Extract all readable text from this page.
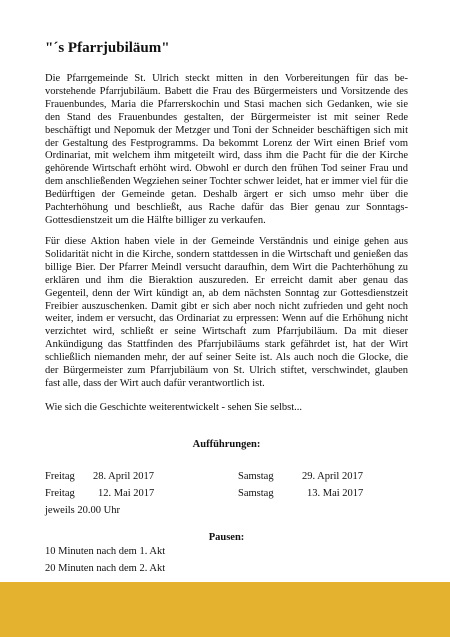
"´s Pfarrjubiläum"

Die Pfarrgemeinde St. Ulrich steckt mitten in den Vorbereitungen für das bevorstehende Pfarrjubiläum. Babett die Frau des Bürgermeisters und Vorsitzende des Frauenbundes, Maria die Pfarrerskochin und Stasi machen sich Gedanken, wie sie den Stand des Frauenbundes gestalten, der Bürgermeister ist mit seiner Rede beschäftigt und Nepomuk der Metzger und Toni der Schneider beschäftigen sich mit der Gestaltung des Festprogramms. Da bekommt Lorenz der Wirt einen Brief vom Ordinariat, mit welchem ihm mitgeteilt wird, dass ihm die Pacht für die der Kirche gehörende Wirtschaft erhöht wird. Obwohl er durch den frühen Tod seiner Frau und dem anschließenden Wegziehen seiner Tochter schwer leidet, hat er immer viel für die Bedürftigen der Gemeinde getan. Deshalb ärgert er sich umso mehr über die Pachterhöhung und beschließt, aus Rache dafür das Bier genau zur Sonntags-Gottesdienstzeit um die Hälfte billiger zu verkaufen.

Für diese Aktion haben viele in der Gemeinde Verständnis und einige gehen aus Solidarität nicht in die Kirche, sondern stattdessen in die Wirtschaft und genießen das billige Bier. Der Pfarrer Meindl versucht daraufhin, dem Wirt die Pachterhöhung zu erklären und ihm die Bieraktion auszureden. Er erreicht damit aber genau das Gegenteil, denn der Wirt kündigt an, ab dem nächsten Sonntag zur Gottesdienstzeit Freibier auszuschenken. Damit gibt er sich aber noch nicht zufrieden und geht noch weiter, indem er versucht, das Ordinariat zu erpressen: Wenn auf die Erhöhung nicht verzichtet wird, schließt er seine Wirtschaft zum Pfarrjubiläum. Da mit dieser Ankündigung das Stattfinden des Pfarrjubiläums stark gefährdet ist, hat der Wirt schließlich niemanden mehr, der auf seiner Seite ist. Als auch noch die Glocke, die der Bürgermeister zum Pfarrjubiläum von St. Ulrich stiftet, verschwindet, glauben fast alle, dass der Wirt auch dafür verantwortlich ist.

Wie sich die Geschichte weiterentwickelt - sehen Sie selbst...

Aufführungen:
Freitag 28. April 2017	Samstag	29. April 2017
Freitag 12. Mai 2017	Samstag	13. Mai 2017
jeweils 20.00 Uhr
Pausen:
10 Minuten nach dem 1. Akt
20 Minuten nach dem 2. Akt
